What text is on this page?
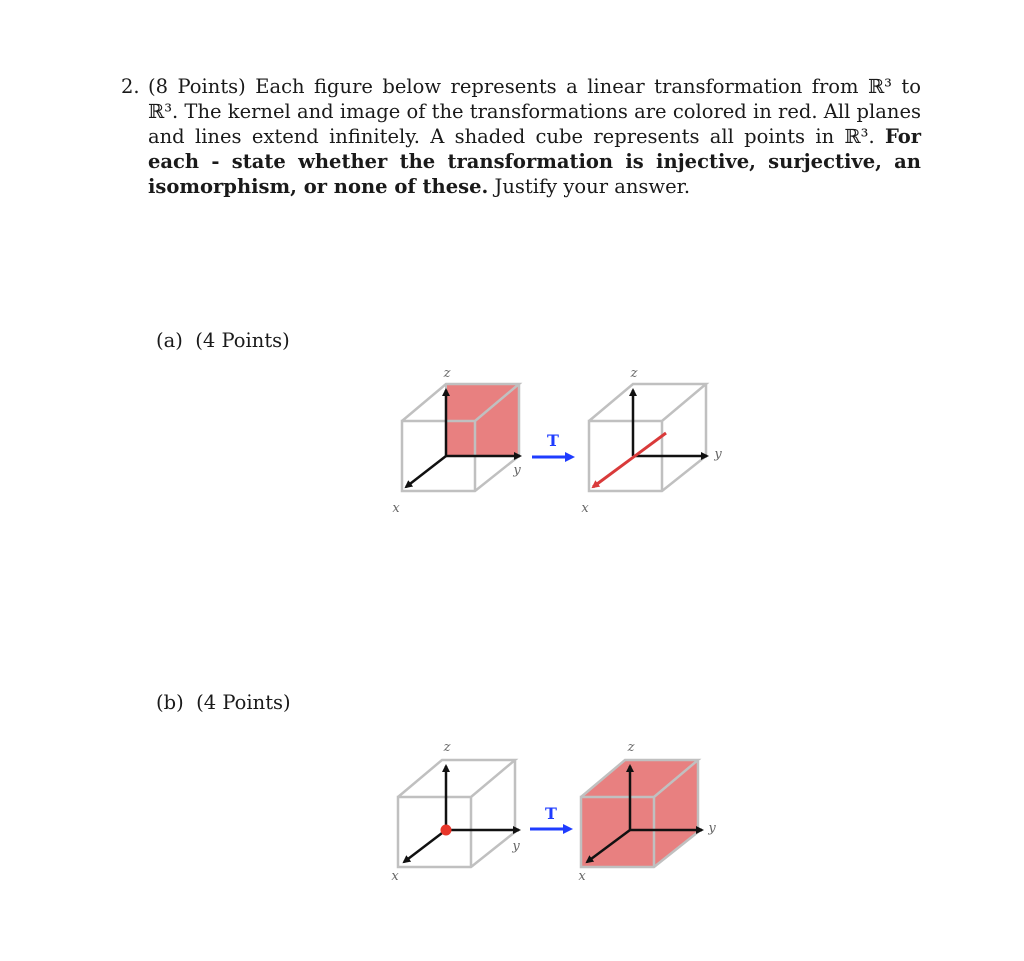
2. (8 Points) Each figure below represents a linear transformation from ℝ³ to ℝ³. The kernel and image of the transformations are colored in red. All planes and lines extend infinitely. A shaded cube represents all points in ℝ³. For each - state whether the transformation is injective, surjective, an isomorphism, or none of these. Justify your answer.
(a) (4 Points)
(b) (4 Points)
z
y
x
T
z
y
x
z
y
x
T
z
y
x
